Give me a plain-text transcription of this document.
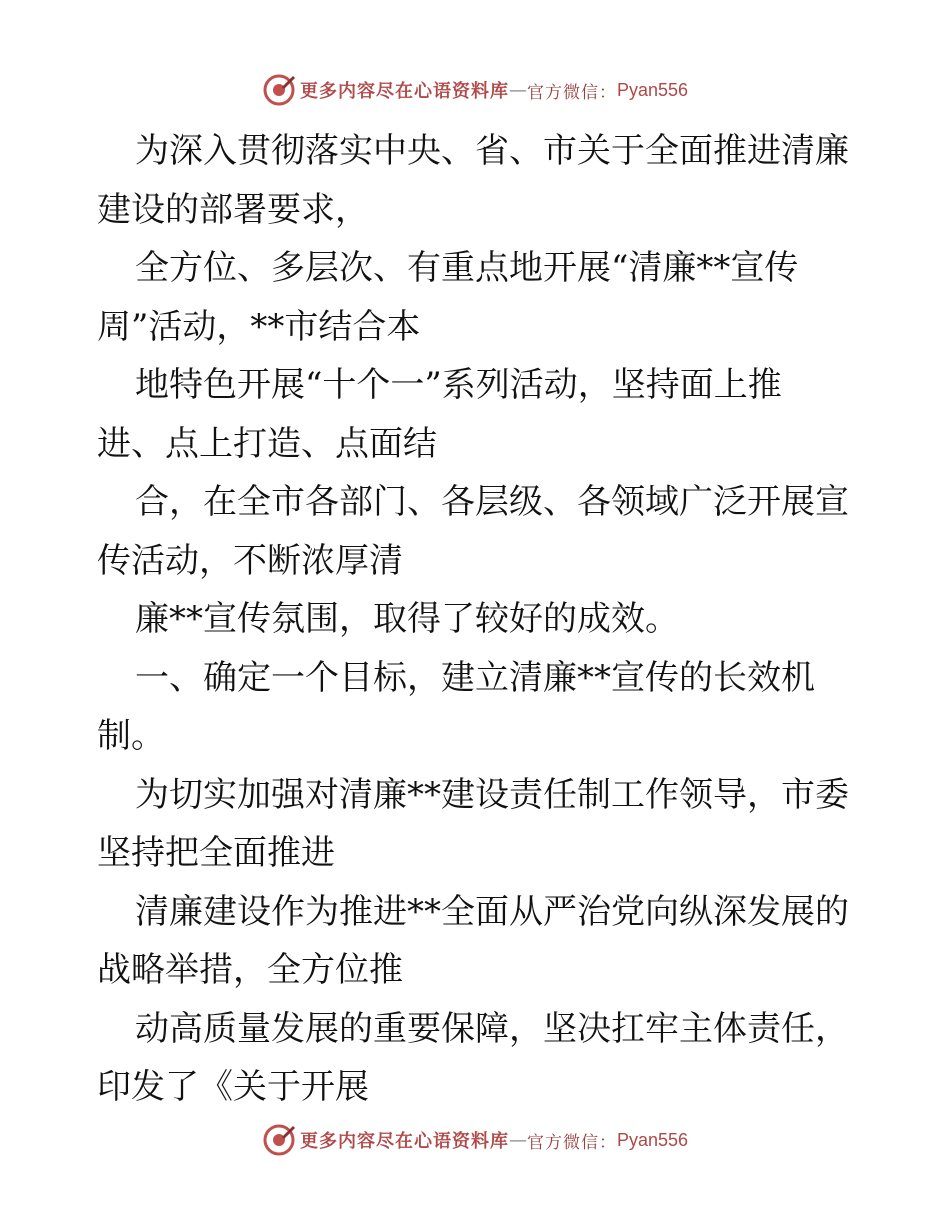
更多内容尽在心语资料库 — 官方微信： Pyan556

为深入贯彻落实中央、省、市关于全面推进清廉
建设的部署要求，

全方位、多层次、有重点地开展“清廉**宣传
周”活动，**市结合本

地特色开展“十个一”系列活动，坚持面上推
进、点上打造、点面结

合，在全市各部门、各层级、各领域广泛开展宣
传活动，不断浓厚清

廉**宣传氛围，取得了较好的成效。

一、确定一个目标，建立清廉**宣传的长效机
制。

为切实加强对清廉**建设责任制工作领导，市委
坚持把全面推进

清廉建设作为推进**全面从严治党向纵深发展的
战略举措，全方位推

动高质量发展的重要保障，坚决扛牢主体责任，
印发了《关于开展

更多内容尽在心语资料库 — 官方微信： Pyan556
